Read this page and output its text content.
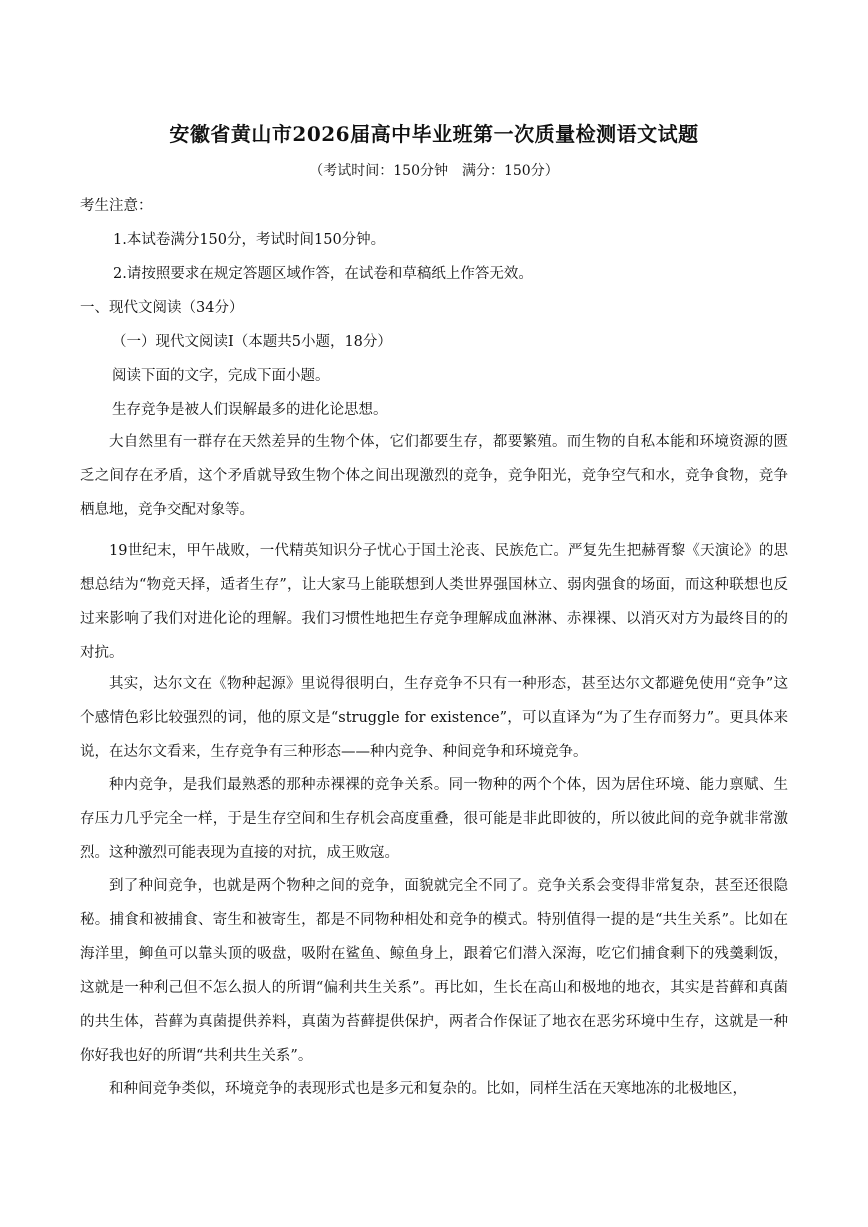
安徽省黄山市2026届高中毕业班第一次质量检测语文试题
（考试时间：150分钟　满分：150分）
考生注意：
1.本试卷满分150分，考试时间150分钟。
2.请按照要求在规定答题区域作答，在试卷和草稿纸上作答无效。
一、现代文阅读（34分）
（一）现代文阅读Ⅰ（本题共5小题，18分）
阅读下面的文字，完成下面小题。
生存竞争是被人们误解最多的进化论思想。
大自然里有一群存在天然差异的生物个体，它们都要生存，都要繁殖。而生物的自私本能和环境资源的匮乏之间存在矛盾，这个矛盾就导致生物个体之间出现激烈的竞争，竞争阳光，竞争空气和水，竞争食物，竞争栖息地，竞争交配对象等。
19世纪末，甲午战败，一代精英知识分子忧心于国土沦丧、民族危亡。严复先生把赫胥黎《天演论》的思想总结为“物竞天择，适者生存”，让大家马上能联想到人类世界强国林立、弱肉强食的场面，而这种联想也反过来影响了我们对进化论的理解。我们习惯性地把生存竞争理解成血淋淋、赤裸裸、以消灭对方为最终目的的对抗。
其实，达尔文在《物种起源》里说得很明白，生存竞争不只有一种形态，甚至达尔文都避免使用“竞争”这个感情色彩比较强烈的词，他的原文是“struggle for existence”，可以直译为“为了生存而努力”。更具体来说，在达尔文看来，生存竞争有三种形态——种内竞争、种间竞争和环境竞争。
种内竞争，是我们最熟悉的那种赤裸裸的竞争关系。同一物种的两个个体，因为居住环境、能力禀赋、生存压力几乎完全一样，于是生存空间和生存机会高度重叠，很可能是非此即彼的，所以彼此间的竞争就非常激烈。这种激烈可能表现为直接的对抗，成王败寇。
到了种间竞争，也就是两个物种之间的竞争，面貌就完全不同了。竞争关系会变得非常复杂，甚至还很隐秘。捕食和被捕食、寄生和被寄生，都是不同物种相处和竞争的模式。特别值得一提的是“共生关系”。比如在海洋里，䲟鱼可以靠头顶的吸盘，吸附在鲨鱼、鲸鱼身上，跟着它们潜入深海，吃它们捕食剩下的残羹剩饭，这就是一种利己但不怎么损人的所谓“偏利共生关系”。再比如，生长在高山和极地的地衣，其实是苔藓和真菌的共生体，苔藓为真菌提供养料，真菌为苔藓提供保护，两者合作保证了地衣在恶劣环境中生存，这就是一种你好我也好的所谓“共利共生关系”。
和种间竞争类似，环境竞争的表现形式也是多元和复杂的。比如，同样生活在天寒地冻的北极地区，
